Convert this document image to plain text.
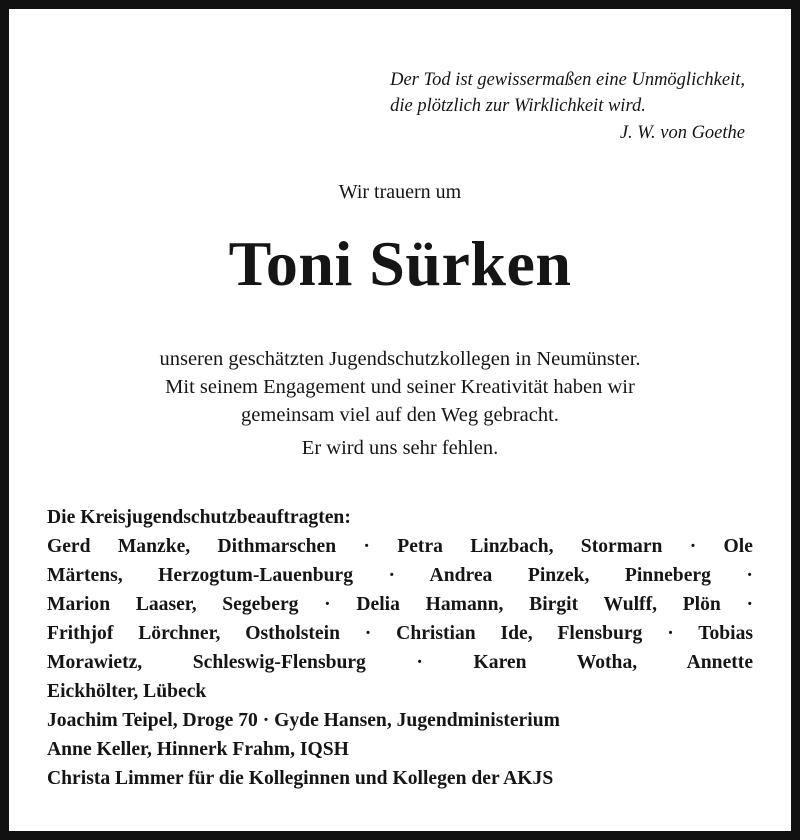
Der Tod ist gewissermaßen eine Unmöglichkeit,
die plötzlich zur Wirklichkeit wird.
J. W. von Goethe
Wir trauern um
Toni Sürken
unseren geschätzten Jugendschutzkollegen in Neumünster.
Mit seinem Engagement und seiner Kreativität haben wir
gemeinsam viel auf den Weg gebracht.
Er wird uns sehr fehlen.
Die Kreisjugendschutzbeauftragten:
Gerd Manzke, Dithmarschen · Petra Linzbach, Stormarn · Ole
Märtens, Herzogtum-Lauenburg · Andrea Pinzek, Pinneberg ·
Marion Laaser, Segeberg · Delia Hamann, Birgit Wulff, Plön ·
Frithjof Lörchner, Ostholstein · Christian Ide, Flensburg · Tobias
Morawietz,	Schleswig-Flensburg	·	Karen	Wotha,	Annette
Eickhölter, Lübeck
Joachim Teipel, Droge 70 · Gyde Hansen, Jugendministerium
Anne Keller, Hinnerk Frahm, IQSH
Christa Limmer für die Kolleginnen und Kollegen der AKJS
